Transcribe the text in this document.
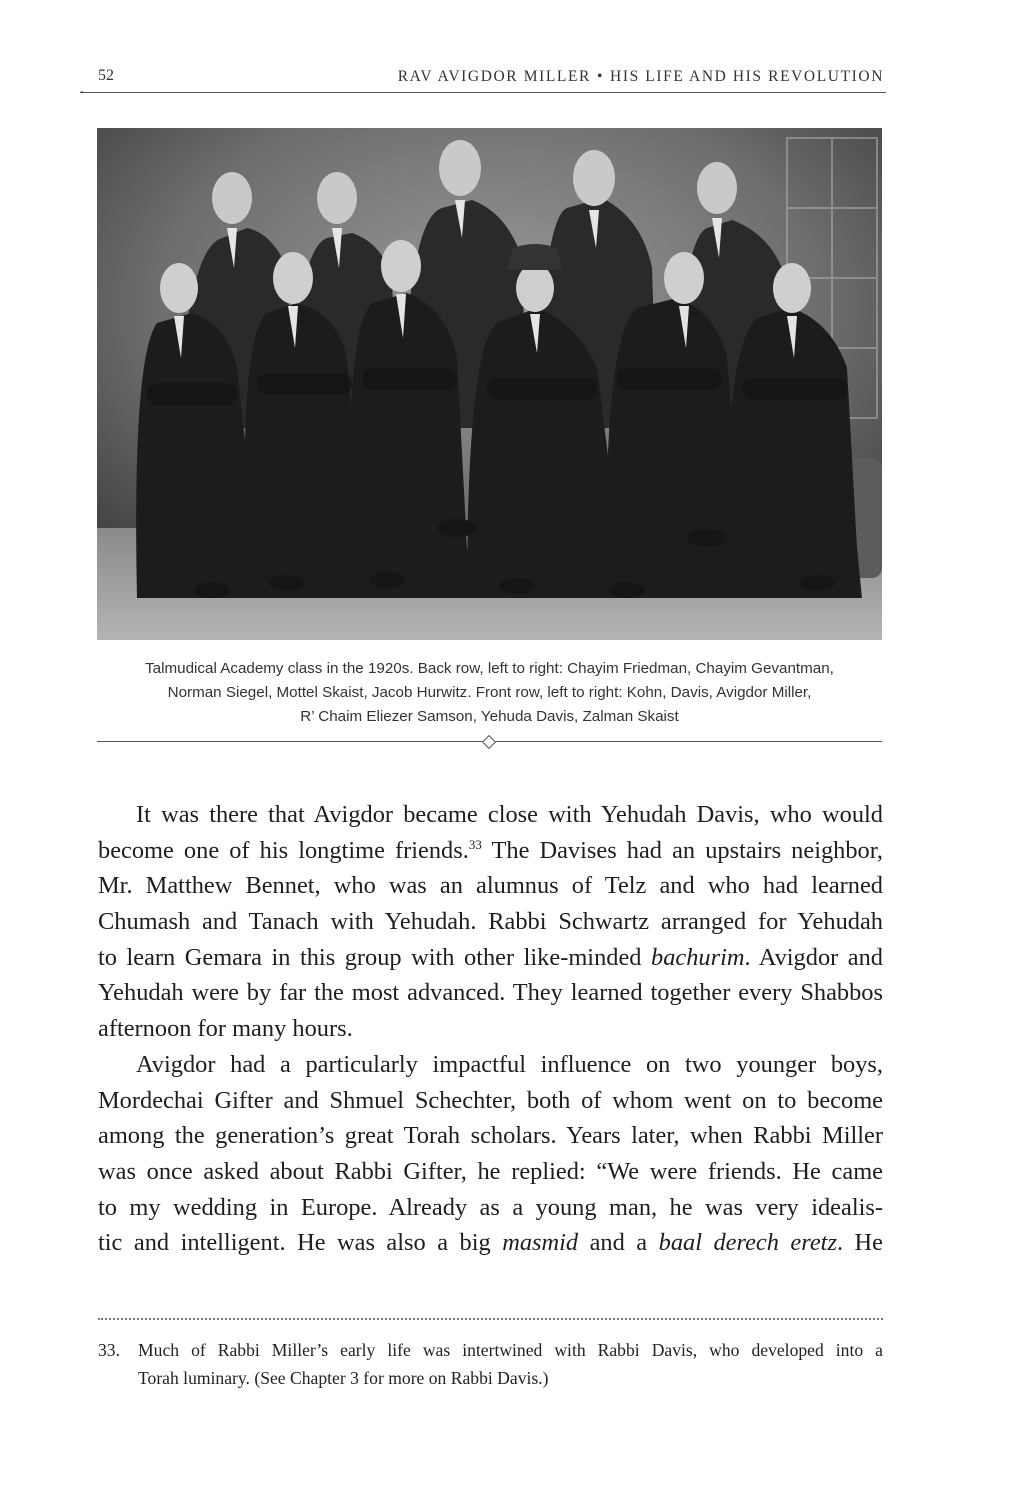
ˎ
52	RAV AVIGDOR MILLER • HIS LIFE AND HIS REVOLUTION
Talmudical Academy class in the 1920s. Back row, left to right: Chayim Friedman, Chayim Gevantman,
Norman Siegel, Mottel Skaist, Jacob Hurwitz. Front row, left to right: Kohn, Davis, Avigdor Miller,
R’ Chaim Eliezer Samson, Yehuda Davis, Zalman Skaist
It was there that Avigdor became close with Yehudah Davis, who would
become one of his longtime friends.$^{33}$ The Davises had an upstairs neighbor,
Mr. Matthew Bennet, who was an alumnus of Telz and who had learned
Chumash and Tanach with Yehudah. Rabbi Schwartz arranged for Yehudah
to learn Gemara in this group with other like-minded bachurim. Avigdor and
Yehudah were by far the most advanced. They learned together every Shabbos
afternoon for many hours.
Avigdor had a particularly impactful influence on two younger boys,
Mordechai Gifter and Shmuel Schechter, both of whom went on to become
among the generation’s great Torah scholars. Years later, when Rabbi Miller
was once asked about Rabbi Gifter, he replied: “We were friends. He came
to my wedding in Europe. Already as a young man, he was very idealis-
tic and intelligent. He was also a big masmid and a baal derech eretz. He
33. Much of Rabbi Miller’s early life was intertwined with Rabbi Davis, who developed into a
Torah luminary. (See Chapter 3 for more on Rabbi Davis.)
